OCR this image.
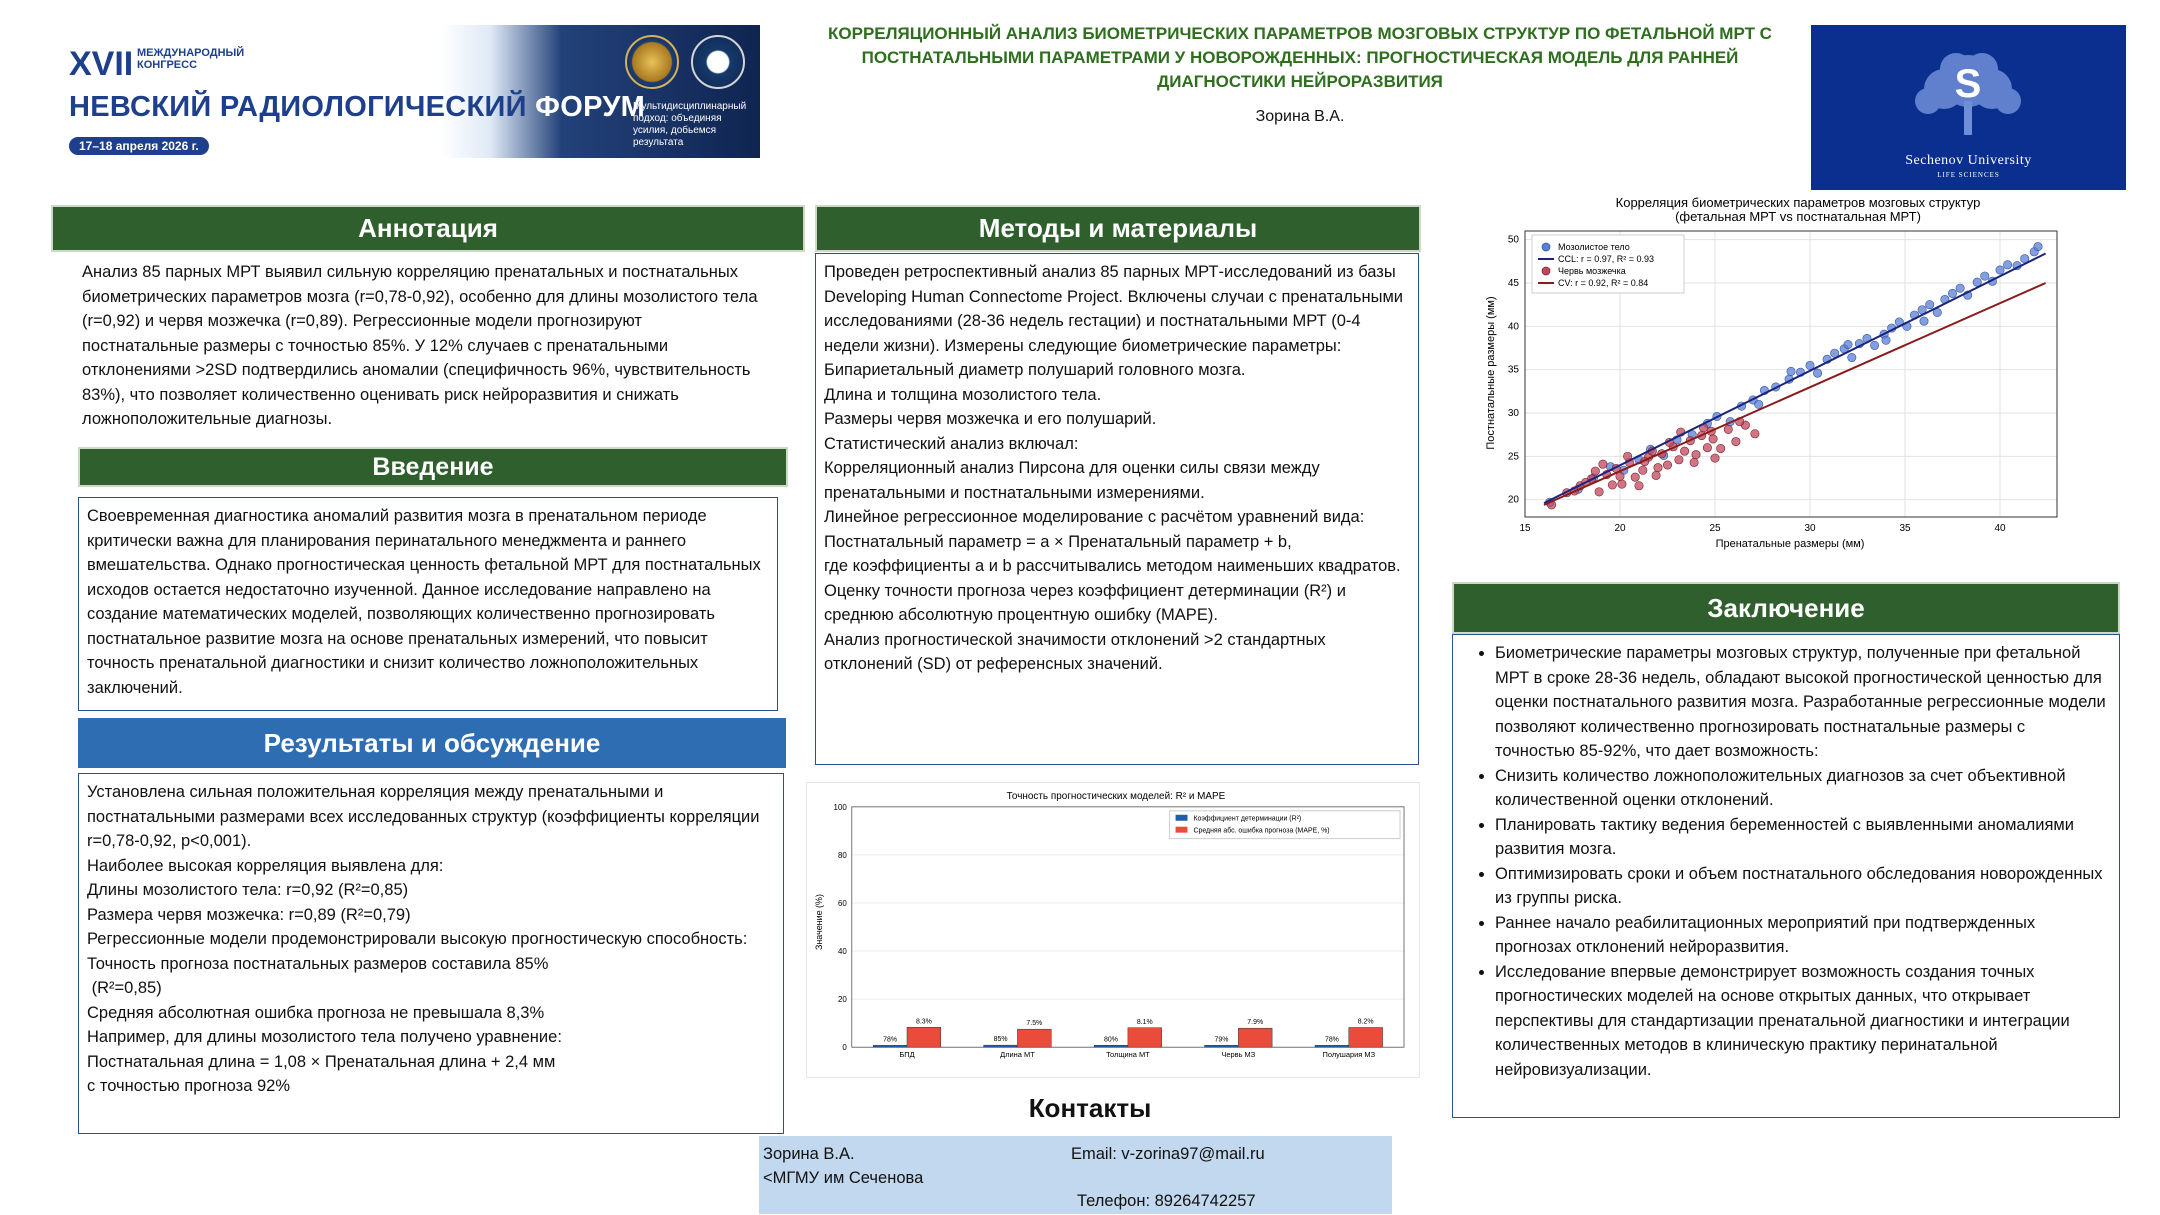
XVII МЕЖДУНАРОДНЫЙ КОНГРЕСС
НЕВСКИЙ РАДИОЛОГИЧЕСКИЙ ФОРУМ
17–18 апреля 2026 г.
Мультидисциплинарный подход: объединяя усилия, добьемся результата
КОРРЕЛЯЦИОННЫЙ АНАЛИЗ БИОМЕТРИЧЕСКИХ ПАРАМЕТРОВ МОЗГОВЫХ СТРУКТУР ПО ФЕТАЛЬНОЙ МРТ С ПОСТНАТАЛЬНЫМИ ПАРАМЕТРАМИ У НОВОРОЖДЕННЫХ: ПРОГНОСТИЧЕСКАЯ МОДЕЛЬ ДЛЯ РАННЕЙ ДИАГНОСТИКИ НЕЙРОРАЗВИТИЯ
Зорина В.А.
S
Sechenov University
LIFE SCIENCES
Аннотация

Анализ 85 парных МРТ выявил сильную корреляцию пренатальных и постнатальных биометрических параметров мозга (r=0,78-0,92), особенно для длины мозолистого тела (r=0,92) и червя мозжечка (r=0,89). Регрессионные модели прогнозируют постнатальные размеры с точностью 85%. У 12% случаев с пренатальными отклонениями >2SD подтвердились аномалии (специфичность 96%, чувствительность 83%), что позволяет количественно оценивать риск нейроразвития и снижать ложноположительные диагнозы.

Введение

Своевременная диагностика аномалий развития мозга в пренатальном периоде критически важна для планирования перинатального менеджмента и раннего вмешательства. Однако прогностическая ценность фетальной МРТ для постнатальных исходов остается недостаточно изученной. Данное исследование направлено на создание математических моделей, позволяющих количественно прогнозировать постнатальное развитие мозга на основе пренатальных измерений, что повысит точность пренатальной диагностики и снизит количество ложноположительных заключений.

Результаты и обсуждение

Установлена сильная положительная корреляция между пренатальными и постнатальными размерами всех исследованных структур (коэффициенты корреляции r=0,78-0,92, p<0,001).

Наиболее высокая корреляция выявлена для:

Длины мозолистого тела: r=0,92 (R²=0,85)

Размера червя мозжечка: r=0,89 (R²=0,79)

Регрессионные модели продемонстрировали высокую прогностическую способность:

Точность прогноза постнатальных размеров составила 85%

(R²=0,85)

Средняя абсолютная ошибка прогноза не превышала 8,3%

Например, для длины мозолистого тела получено уравнение:

Постнатальная длина = 1,08 × Пренатальная длина + 2,4 мм

с точностью прогноза 92%

Методы и материалы

Проведен ретроспективный анализ 85 парных МРТ-исследований из базы Developing Human Connectome Project. Включены случаи с пренатальными исследованиями (28-36 недель гестации) и постнатальными МРТ (0-4 недели жизни). Измерены следующие биометрические параметры:

Бипариетальный диаметр полушарий головного мозга.

Длина и толщина мозолистого тела.

Размеры червя мозжечка и его полушарий.

Статистический анализ включал:

Корреляционный анализ Пирсона для оценки силы связи между пренатальными и постнатальными измерениями.

Линейное регрессионное моделирование с расчётом уравнений вида:

Постнатальный параметр = a × Пренатальный параметр + b,

где коэффициенты a и b рассчитывались методом наименьших квадратов.

Оценку точности прогноза через коэффициент детерминации (R²) и среднюю абсолютную процентную ошибку (MAPE).

Анализ прогностической значимости отклонений >2 стандартных отклонений (SD) от референсных значений.

Корреляция биометрических параметров мозговых структур
(фетальная МРТ vs постнатальная МРТ)
15	20	25	30	35	40
20
25
30
35
40
45
50
Мозолистое тело
CCL: r = 0.97, R² = 0.93
Червь мозжечка
CV: r = 0.92, R² = 0.84
Пренатальные размеры (мм)
Постнатальные размеры (мм)
Точность прогностических моделей: R² и MAPE
0
20
40
60
80
100
БПД	Длина МТ	Толщина МТ	Червь МЗ	Полушария МЗ
78%
8.3%
85%
7.5%
80%
8.1%
79%
7.9%
78%
8.2%
Коэффициент детерминации (R²)
Средняя абс. ошибка прогноза (MAPE, %)
Значение (%)
Заключение
• Биометрические параметры мозговых структур, полученные при фетальной МРТ в сроке 28-36 недель, обладают высокой прогностической ценностью для оценки постнатального развития мозга. Разработанные регрессионные модели позволяют количественно прогнозировать постнатальные размеры с точностью 85-92%, что дает возможность:
• Снизить количество ложноположительных диагнозов за счет объективной количественной оценки отклонений.
• Планировать тактику ведения беременностей с выявленными аномалиями развития мозга.
• Оптимизировать сроки и объем постнатального обследования новорожденных из группы риска.
• Раннее начало реабилитационных мероприятий при подтвержденных прогнозах отклонений нейроразвития.
• Исследование впервые демонстрирует возможность создания точных прогностических моделей на основе открытых данных, что открывает перспективы для стандартизации пренатальной диагностики и интеграции количественных методов в клиническую практику перинатальной нейровизуализации.
Контакты
Зорина В.А.
<МГМУ им Сеченова
Email: v-zorina97@mail.ru
Телефон: 89264742257
